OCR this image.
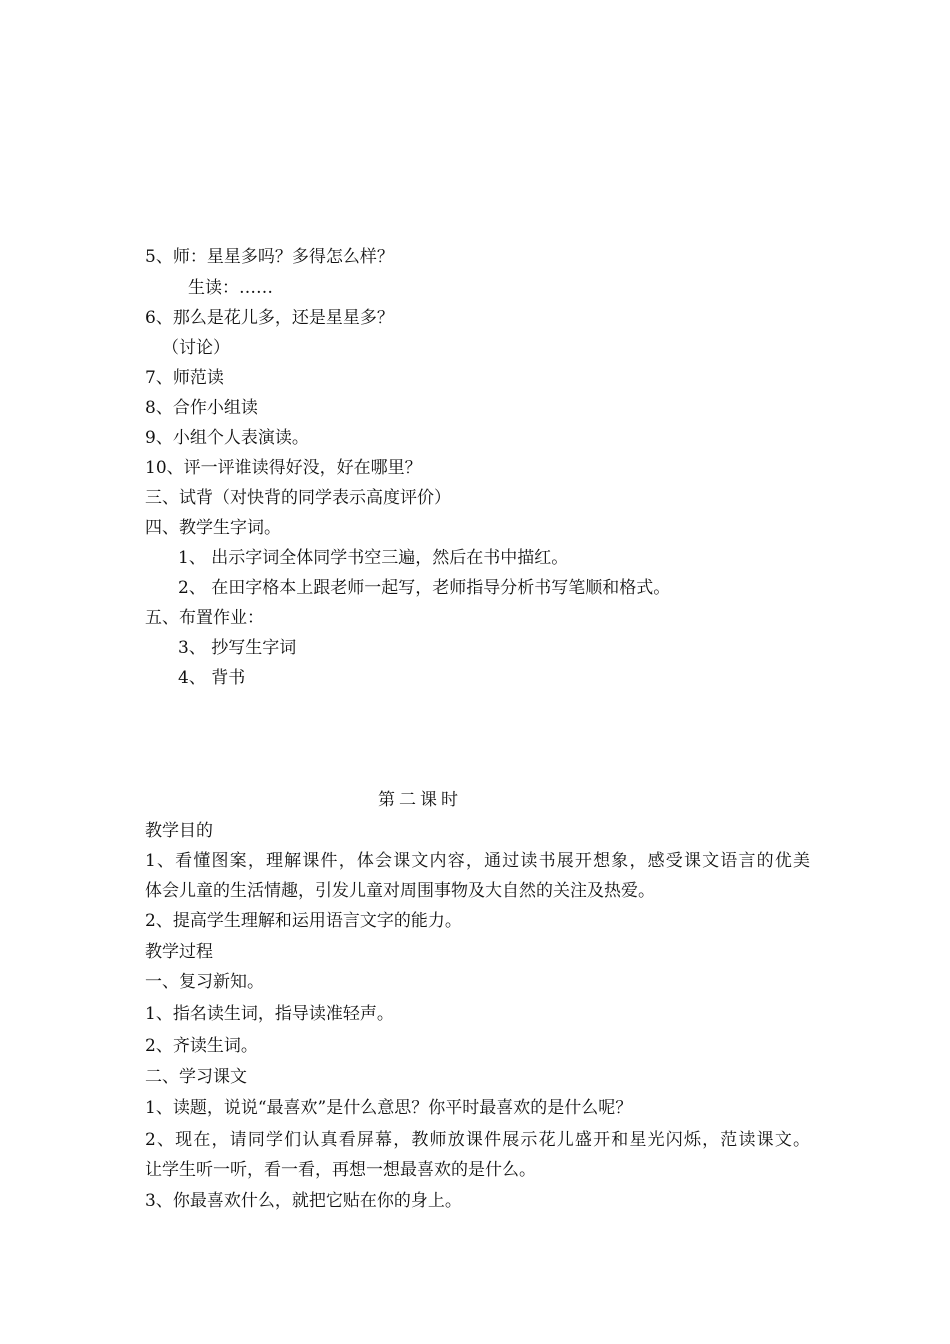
5、师：星星多吗？多得怎么样？
生读：……
6、那么是花儿多，还是星星多？
（讨论）
7、师范读
8、合作小组读
9、小组个人表演读。
10、评一评谁读得好没，好在哪里？
三、试背（对快背的同学表示高度评价）
四、教学生字词。
1、 出示字词全体同学书空三遍，然后在书中描红。
2、 在田字格本上跟老师一起写，老师指导分析书写笔顺和格式。
五、布置作业：
3、 抄写生字词
4、 背书
第二课时
教学目的
1、看懂图案，理解课件，体会课文内容，通过读书展开想象，感受课文语言的优美
体会儿童的生活情趣，引发儿童对周围事物及大自然的关注及热爱。
2、提高学生理解和运用语言文字的能力。
教学过程
一、复习新知。
1、指名读生词，指导读准轻声。
2、齐读生词。
二、学习课文
1、读题，说说“最喜欢”是什么意思？你平时最喜欢的是什么呢？
2、现在，请同学们认真看屏幕，教师放课件展示花儿盛开和星光闪烁，范读课文。
让学生听一听，看一看，再想一想最喜欢的是什么。
3、你最喜欢什么，就把它贴在你的身上。
